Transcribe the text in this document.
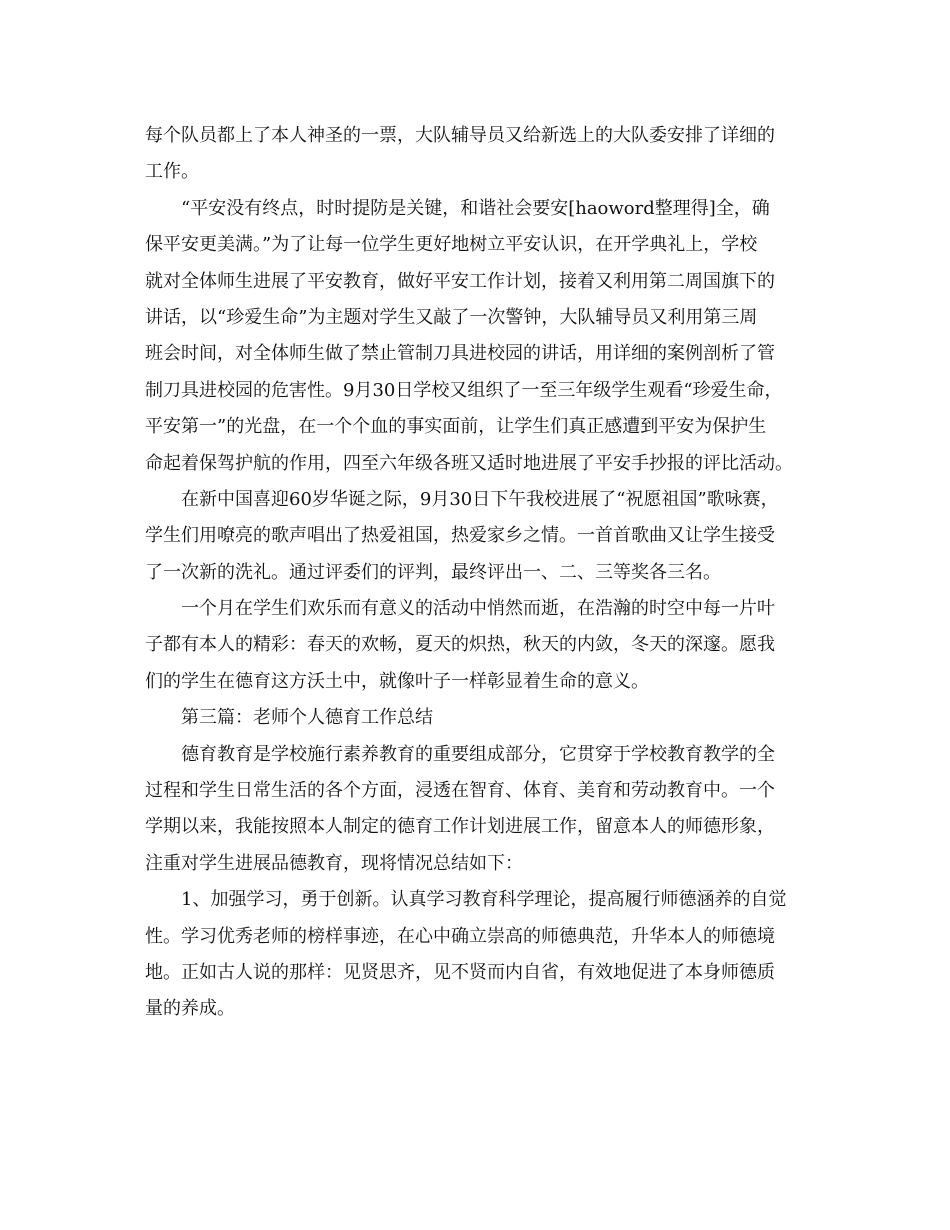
每个队员都上了本人神圣的一票，大队辅导员又给新选上的大队委安排了详细的
工作。
“平安没有终点，时时提防是关键，和谐社会要安[haoword整理得]全，确
保平安更美满。”为了让每一位学生更好地树立平安认识，在开学典礼上，学校
就对全体师生进展了平安教育，做好平安工作计划，接着又利用第二周国旗下的
讲话，以“珍爱生命”为主题对学生又敲了一次警钟，大队辅导员又利用第三周
班会时间，对全体师生做了禁止管制刀具进校园的讲话，用详细的案例剖析了管
制刀具进校园的危害性。9月30日学校又组织了一至三年级学生观看“珍爱生命，
平安第一”的光盘，在一个个血的事实面前，让学生们真正感遭到平安为保护生
命起着保驾护航的作用，四至六年级各班又适时地进展了平安手抄报的评比活动。
在新中国喜迎60岁华诞之际，9月30日下午我校进展了“祝愿祖国”歌咏赛，
学生们用嘹亮的歌声唱出了热爱祖国，热爱家乡之情。一首首歌曲又让学生接受
了一次新的洗礼。通过评委们的评判，最终评出一、二、三等奖各三名。
一个月在学生们欢乐而有意义的活动中悄然而逝，在浩瀚的时空中每一片叶
子都有本人的精彩：春天的欢畅，夏天的炽热，秋天的内敛，冬天的深邃。愿我
们的学生在德育这方沃土中，就像叶子一样彰显着生命的意义。
第三篇：老师个人德育工作总结
德育教育是学校施行素养教育的重要组成部分，它贯穿于学校教育教学的全
过程和学生日常生活的各个方面，浸透在智育、体育、美育和劳动教育中。一个
学期以来，我能按照本人制定的德育工作计划进展工作，留意本人的师德形象，
注重对学生进展品德教育，现将情况总结如下：
1、加强学习，勇于创新。认真学习教育科学理论，提高履行师德涵养的自觉
性。学习优秀老师的榜样事迹，在心中确立崇高的师德典范，升华本人的师德境
地。正如古人说的那样：见贤思齐，见不贤而内自省，有效地促进了本身师德质
量的养成。
